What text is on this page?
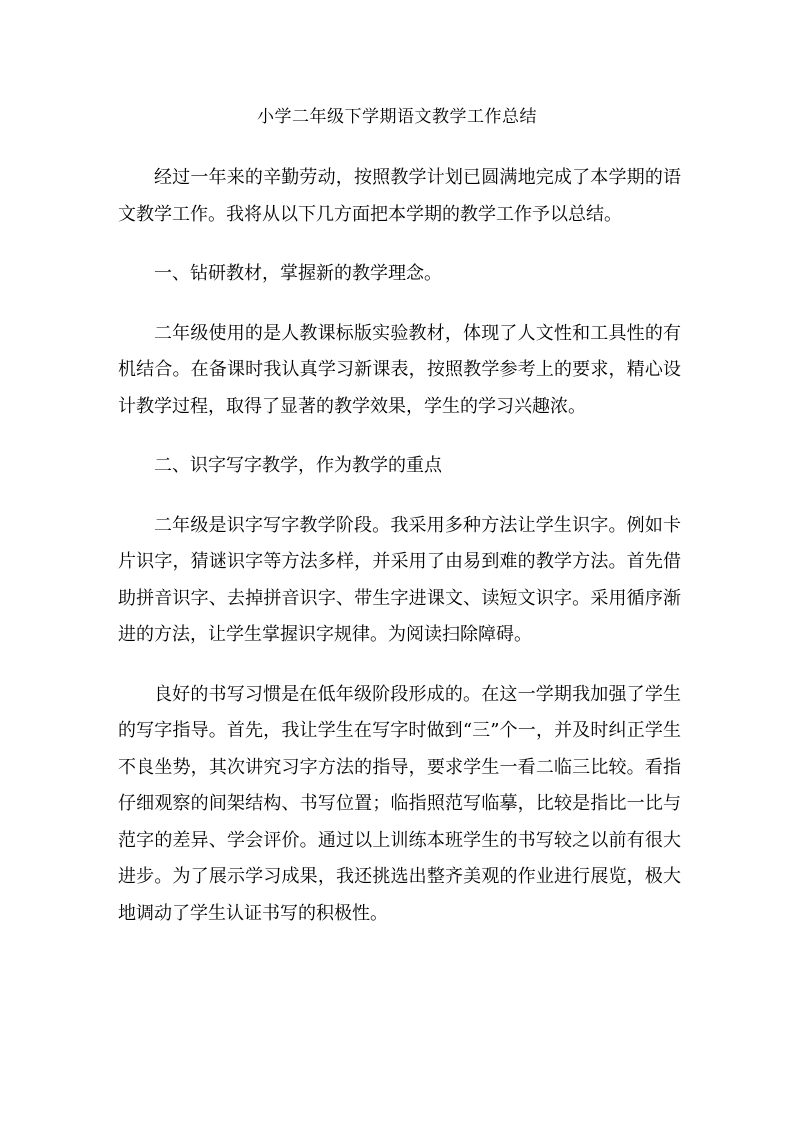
小学二年级下学期语文教学工作总结

经过一年来的辛勤劳动，按照教学计划已圆满地完成了本学期的语文教学工作。我将从以下几方面把本学期的教学工作予以总结。

一、钻研教材，掌握新的教学理念。

二年级使用的是人教课标版实验教材，体现了人文性和工具性的有机结合。在备课时我认真学习新课表，按照教学参考上的要求，精心设计教学过程，取得了显著的教学效果，学生的学习兴趣浓。

二、识字写字教学，作为教学的重点

二年级是识字写字教学阶段。我采用多种方法让学生识字。例如卡片识字，猜谜识字等方法多样，并采用了由易到难的教学方法。首先借助拼音识字、去掉拼音识字、带生字进课文、读短文识字。采用循序渐进的方法，让学生掌握识字规律。为阅读扫除障碍。

良好的书写习惯是在低年级阶段形成的。在这一学期我加强了学生的写字指导。首先，我让学生在写字时做到“三”个一，并及时纠正学生不良坐势，其次讲究习字方法的指导，要求学生一看二临三比较。看指仔细观察的间架结构、书写位置；临指照范写临摹，比较是指比一比与范字的差异、学会评价。通过以上训练本班学生的书写较之以前有很大进步。为了展示学习成果，我还挑选出整齐美观的作业进行展览，极大地调动了学生认证书写的积极性。
